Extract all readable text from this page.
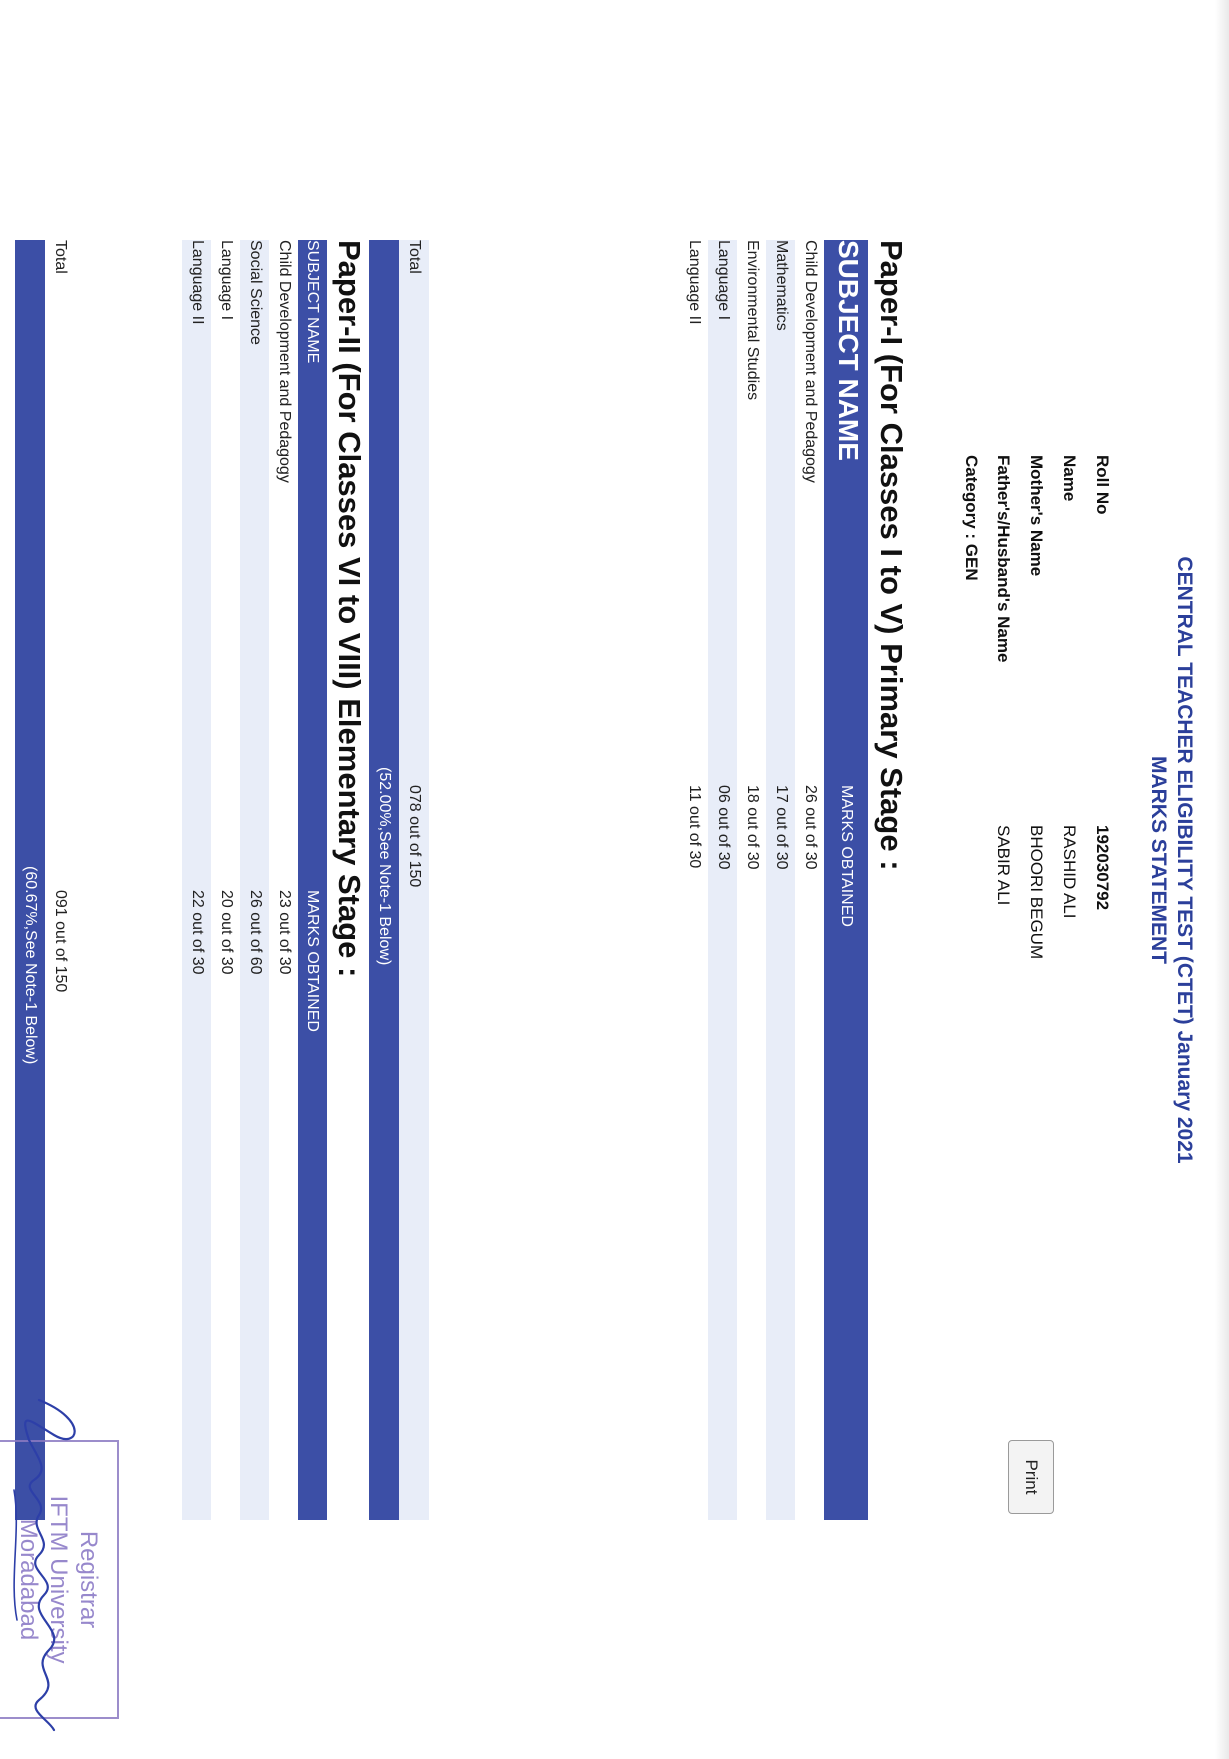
CENTRAL TEACHER ELIGIBILITY TEST (CTET) January 2021
MARKS STATEMENT
Print
Roll No
192030792
Name
RASHID ALI
Mother's Name
BHOORI BEGUM
Father's/Husband's Name
SABIR ALI
Category : GEN
Paper-I (For Classes I to V) Primary Stage :
SUBJECT NAME
MARKS OBTAINED
Child Development and Pedagogy
26 out of 30
Mathematics
17 out of 30
Environmental Studies
18 out of 30
Language I
06 out of 30
Language II
11 out of 30
Total
078 out of 150
(52.00%,See Note-1 Below)
Paper-II (For Classes VI to VIII) Elementary Stage :
SUBJECT NAME
MARKS OBTAINED
Child Development and Pedagogy
23 out of 30
Social Science
26 out of 60
Language I
20 out of 30
Language II
22 out of 30
Total
091 out of 150
(60.67%,See Note-1 Below)
Registrar
IFTM University
Moradabad
